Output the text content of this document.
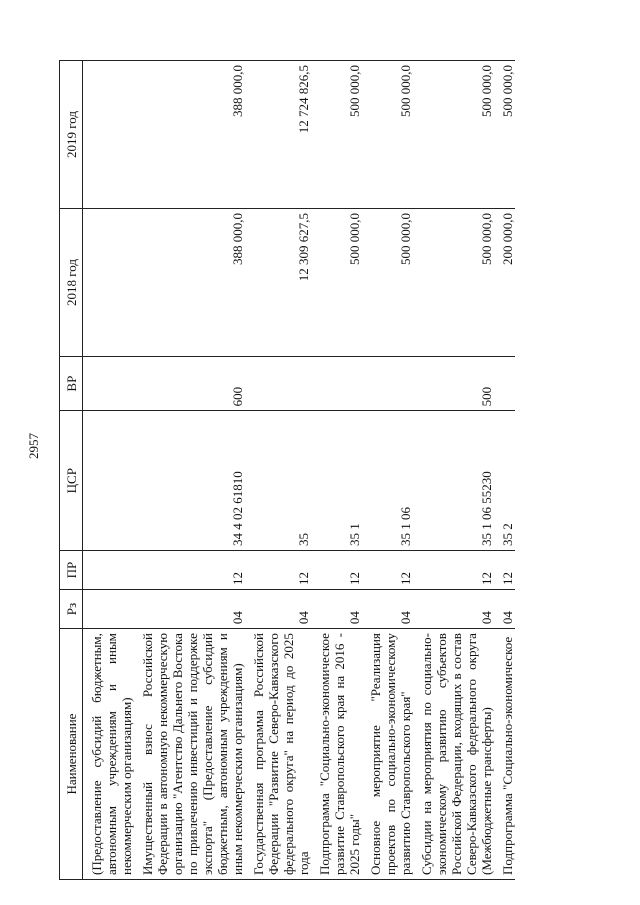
2957
Наименование	Рз	ПР	ЦСР	ВР	2018 год	2019 год
(Предоставление субсидий бюджетным, автономным учреждениям и иным некоммерческим организациям)						
Имущественный взнос Российской Федерации в автономную некоммерческую организацию "Агентство Дальнего Востока по привлечению инвестиций и поддержке экспорта" (Предоставление субсидий бюджетным, автономным учреждениям и иным некоммерческим организациям)	04	12	34 4 02 61810	600	388 000,0	388 000,0
Государственная программа Российской Федерации "Развитие Северо-Кавказского федерального округа" на период до 2025 года	04	12	35		12 309 627,5	12 724 826,5
Подпрограмма "Социально-экономическое развитие Ставропольского края на 2016 - 2025 годы"	04	12	35 1		500 000,0	500 000,0
Основное мероприятие "Реализация проектов по социально-экономическому развитию Ставропольского края"	04	12	35 1 06		500 000,0	500 000,0
Субсидии на мероприятия по социально-экономическому развитию субъектов Российской Федерации, входящих в состав Северо-Кавказского федерального округа (Межбюджетные трансферты)	04	12	35 1 06 55230	500	500 000,0	500 000,0
Подпрограмма "Социально-экономическое	04	12	35 2		200 000,0	500 000,0
